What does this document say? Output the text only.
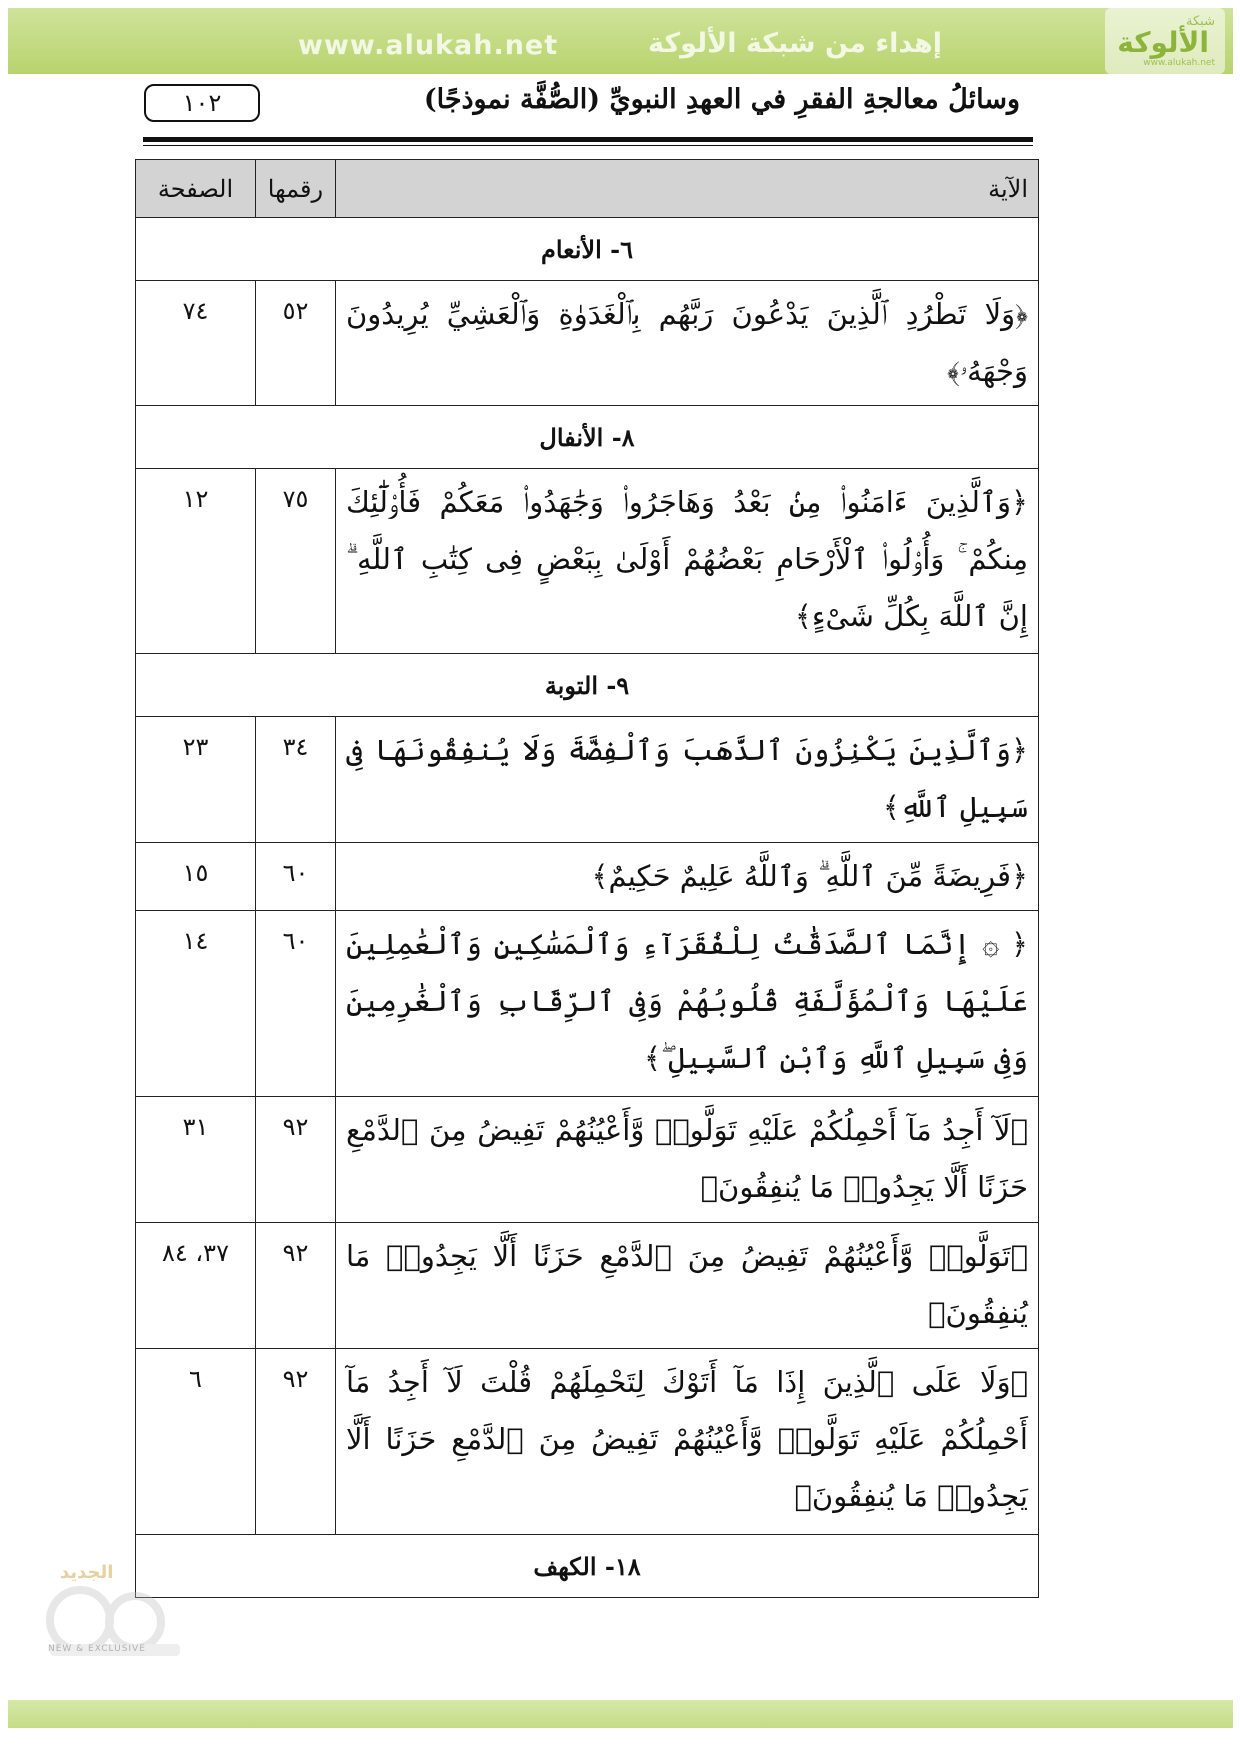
www.alukah.net	إهداء من شبكة الألوكة
شبكة
الألوكة
www.alukah.net
١٠٢	وسائلُ معالجةِ الفقرِ في العهدِ النبويِّ (الصُّفَّة نموذجًا)
الآية	رقمها	الصفحة
٦- الأنعام		
﴿وَلَا تَطْرُدِ ٱلَّذِينَ يَدْعُونَ رَبَّهُم بِٱلْغَدَوٰةِ وَٱلْعَشِيِّ يُرِيدُونَ وَجْهَهُۥ﴾	٥٢	٧٤
٨- الأنفال		
﴿وَٱلَّذِينَ ءَامَنُوا۟ مِنۢ بَعْدُ وَهَاجَرُوا۟ وَجَٰهَدُوا۟ مَعَكُمْ فَأُو۟لَٰٓئِكَ مِنكُمْ ۚ وَأُو۟لُوا۟ ٱلْأَرْحَامِ بَعْضُهُمْ أَوْلَىٰ بِبَعْضٍ فِى كِتَٰبِ ٱللَّهِ ۗ إِنَّ ٱللَّهَ بِكُلِّ شَىْءٍ﴾	٧٥	١٢
٩- التوبة		
﴿وَٱلَّذِينَ يَكْنِزُونَ ٱلذَّهَبَ وَٱلْفِضَّةَ وَلَا يُنفِقُونَهَا فِى سَبِيلِ ٱللَّهِ﴾	٣٤	٢٣
﴿فَرِيضَةً مِّنَ ٱللَّهِ ۗ وَٱللَّهُ عَلِيمٌ حَكِيمٌ﴾	٦٠	١٥
﴿ ۞ إِنَّمَا ٱلصَّدَقَٰتُ لِلْفُقَرَآءِ وَٱلْمَسَٰكِينِ وَٱلْعَٰمِلِينَ عَلَيْهَا وَٱلْمُؤَلَّفَةِ قُلُوبُهُمْ وَفِى ٱلرِّقَابِ وَٱلْغَٰرِمِينَ وَفِى سَبِيلِ ٱللَّهِ وَٱبْنِ ٱلسَّبِيلِ ۖ﴾	٦٠	١٤
﴿لَآ أَجِدُ مَآ أَحْمِلُكُمْ عَلَيْهِ تَوَلَّوا۟ وَّأَعْيُنُهُمْ تَفِيضُ مِنَ ٱلدَّمْعِ حَزَنًا أَلَّا يَجِدُوا۟ مَا يُنفِقُونَ﴾	٩٢	٣١
﴿تَوَلَّوا۟ وَّأَعْيُنُهُمْ تَفِيضُ مِنَ ٱلدَّمْعِ حَزَنًا أَلَّا يَجِدُوا۟ مَا يُنفِقُونَ﴾	٩٢	٣٧، ٨٤
﴿وَلَا عَلَى ٱلَّذِينَ إِذَا مَآ أَتَوْكَ لِتَحْمِلَهُمْ قُلْتَ لَآ أَجِدُ مَآ أَحْمِلُكُمْ عَلَيْهِ تَوَلَّوا۟ وَّأَعْيُنُهُمْ تَفِيضُ مِنَ ٱلدَّمْعِ حَزَنًا أَلَّا يَجِدُوا۟ مَا يُنفِقُونَ﴾	٩٢	٦
١٨- الكهف		
الجديد
NEW & EXCLUSIVE
